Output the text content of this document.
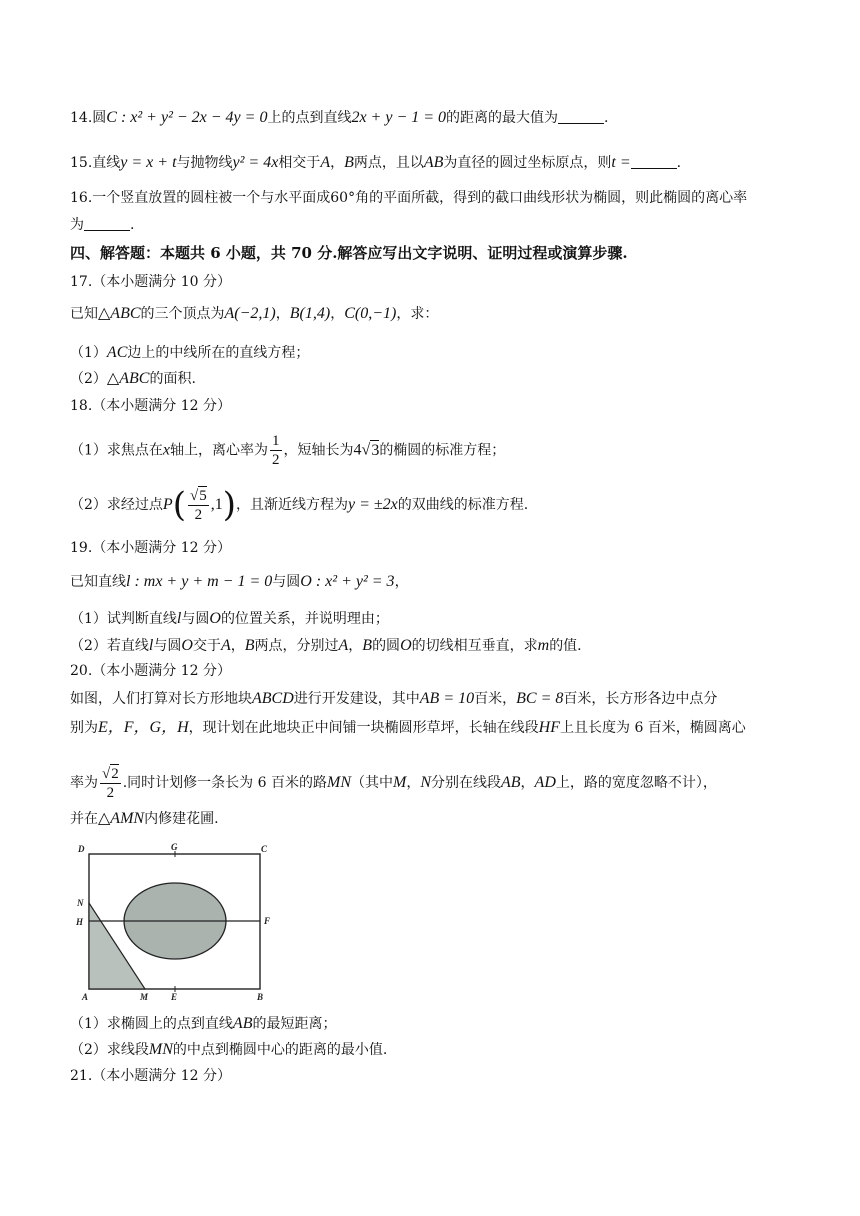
14.圆C : x² + y² − 2x − 4y = 0上的点到直线2x + y − 1 = 0的距离的最大值为	.
15.直线y = x + t与抛物线y² = 4x相交于A，B两点，且以AB为直径的圆过坐标原点，则t =	.
16.一个竖直放置的圆柱被一个与水平面成60°角的平面所截，得到的截口曲线形状为椭圆，则此椭圆的离心率
为	.
四、解答题：本题共 6 小题，共 70 分.解答应写出文字说明、证明过程或演算步骤.
17.（本小题满分 10 分）
已知△ABC的三个顶点为A(−2,1)，B(1,4)，C(0,−1)，求：
（1）AC边上的中线所在的直线方程；
（2）△ABC的面积.
18.（本小题满分 12 分）
（1）求焦点在x轴上，离心率为 $\frac{1}{2}$ ，短轴长为4√3的椭圆的标准方程；
（2）求经过点$P( \frac{√5}{2} ,1)$，且渐近线方程为y = ±2x的双曲线的标准方程.
19.（本小题满分 12 分）
已知直线l : mx + y + m − 1 = 0与圆O : x² + y² = 3，
（1）试判断直线l与圆O的位置关系，并说明理由；
（2）若直线l与圆O交于A，B两点，分别过A，B的圆O的切线相互垂直，求m的值.
20.（本小题满分 12 分）
如图，人们打算对长方形地块ABCD进行开发建设，其中AB = 10百米，BC = 8百米，长方形各边中点分
别为E，F，G，H，现计划在此地块正中间铺一块椭圆形草坪，长轴在线段HF上且长度为 6 百米，椭圆离心
率为 $\frac{√2}{2}$ .同时计划修一条长为 6 百米的路MN（其中M，N分别在线段AB，AD上，路的宽度忽略不计），
并在△AMN内修建花圃.
D	G	C
N
H	F
A	M	E	B
（1）求椭圆上的点到直线AB的最短距离；
（2）求线段MN的中点到椭圆中心的距离的最小值.
21.（本小题满分 12 分）
